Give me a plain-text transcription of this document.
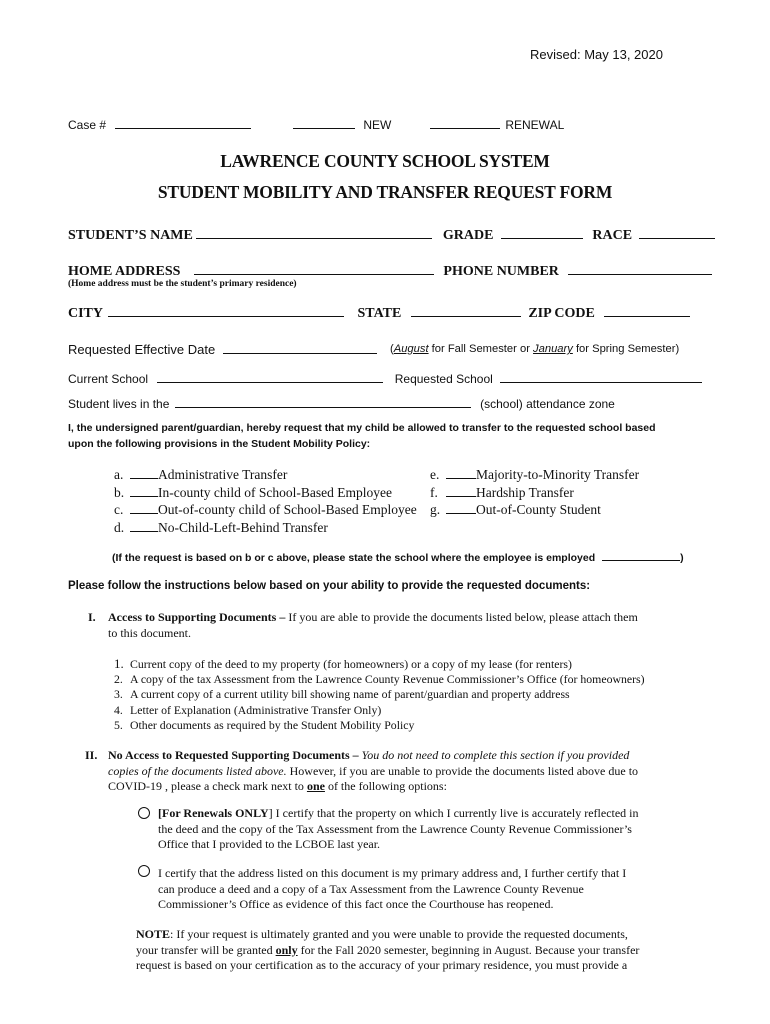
Revised: May 13, 2020
Case #	NEW	RENEWAL
LAWRENCE COUNTY SCHOOL SYSTEM
STUDENT MOBILITY AND TRANSFER REQUEST FORM
STUDENT’S NAME	GRADE	RACE
HOME ADDRESS	PHONE NUMBER
(Home address must be the student’s primary residence)
CITY	STATE	ZIP CODE
Requested Effective Date	(August for Fall Semester or January for Spring Semester)
Current School	Requested School
Student lives in the	(school) attendance zone
I, the undersigned parent/guardian, hereby request that my child be allowed to transfer to the requested school based
upon the following provisions in the Student Mobility Policy:
a.	Administrative Transfer
b.	In-county child of School-Based Employee
c.	Out-of-county child of School-Based Employee
d.	No-Child-Left-Behind Transfer
e.	Majority-to-Minority Transfer
f.	Hardship Transfer
g.	Out-of-County Student
(If the request is based on b or c above, please state the school where the employee is employed	)
Please follow the instructions below based on your ability to provide the requested documents:
I. Access to Supporting Documents – If you are able to provide the documents listed below, please attach them
to this document.
1. Current copy of the deed to my property (for homeowners) or a copy of my lease (for renters)
2. A copy of the tax Assessment from the Lawrence County Revenue Commissioner’s Office (for homeowners)
3. A current copy of a current utility bill showing name of parent/guardian and property address
4. Letter of Explanation (Administrative Transfer Only)
5. Other documents as required by the Student Mobility Policy
II. No Access to Requested Supporting Documents – You do not need to complete this section if you provided
copies of the documents listed above. However, if you are unable to provide the documents listed above due to
COVID-19 , please a check mark next to one of the following options:
[For Renewals ONLY] I certify that the property on which I currently live is accurately reflected in
the deed and the copy of the Tax Assessment from the Lawrence County Revenue Commissioner’s
Office that I provided to the LCBOE last year.
I certify that the address listed on this document is my primary address and, I further certify that I
can produce a deed and a copy of a Tax Assessment from the Lawrence County Revenue
Commissioner’s Office as evidence of this fact once the Courthouse has reopened.
NOTE: If your request is ultimately granted and you were unable to provide the requested documents,
your transfer will be granted only for the Fall 2020 semester, beginning in August. Because your transfer
request is based on your certification as to the accuracy of your primary residence, you must provide a
